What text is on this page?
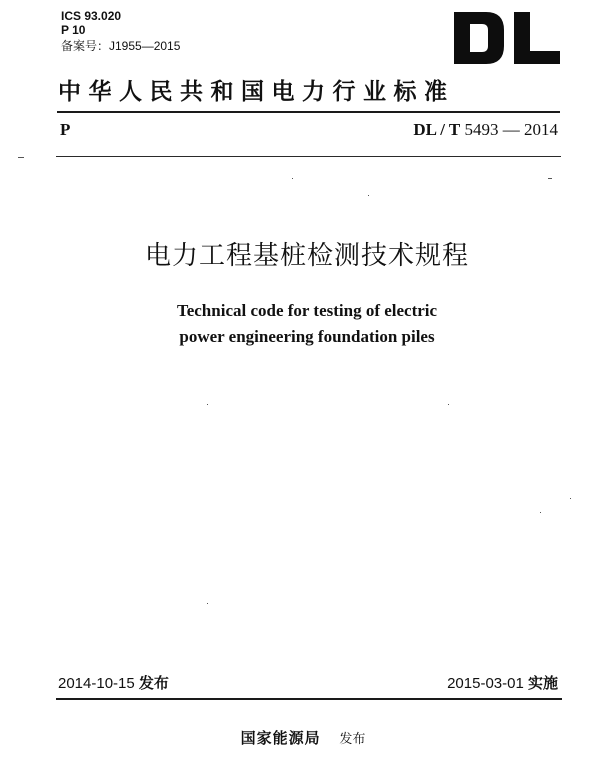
ICS 93.020
P 10
备案号：J1955—2015
中华人民共和国电力行业标准
P	DL / T 5493 — 2014
电力工程基桩检测技术规程
Technical code for testing of electric
power engineering foundation piles
2014-10-15 发布	2015-03-01 实施
国家能源局 发布
